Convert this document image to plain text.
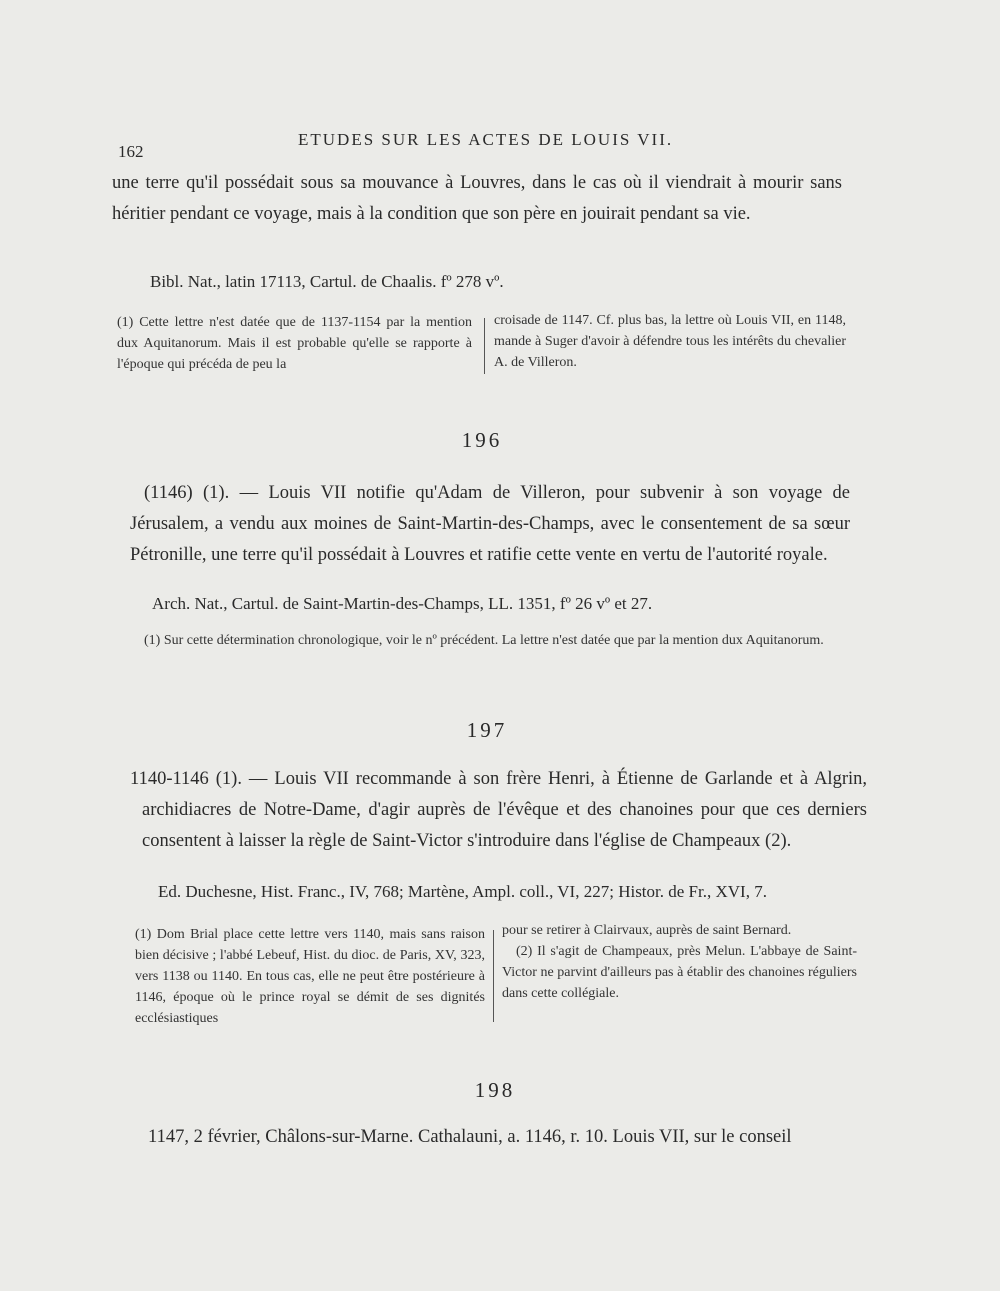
162
ETUDES SUR LES ACTES DE LOUIS VII.
une terre qu'il possédait sous sa mouvance à Louvres, dans le cas où il viendrait à mourir sans héritier pendant ce voyage, mais à la condition que son père en jouirait pendant sa vie.
Bibl. Nat., latin 17113, Cartul. de Chaalis. fº 278 vº.
(1) Cette lettre n'est datée que de 1137-1154 par la mention dux Aquitanorum. Mais il est probable qu'elle se rapporte à l'époque qui précéda de peu la
croisade de 1147. Cf. plus bas, la lettre où Louis VII, en 1148, mande à Suger d'avoir à défendre tous les intérêts du chevalier A. de Villeron.
196
(1146) (1). — Louis VII notifie qu'Adam de Villeron, pour subvenir à son voyage de Jérusalem, a vendu aux moines de Saint-Martin-des-Champs, avec le consentement de sa sœur Pétronille, une terre qu'il possédait à Louvres et ratifie cette vente en vertu de l'autorité royale.
Arch. Nat., Cartul. de Saint-Martin-des-Champs, LL. 1351, fº 26 vº et 27.
(1) Sur cette détermination chronologique, voir le nº précédent. La lettre n'est datée que par la mention dux Aquitanorum.
197
1140-1146 (1). — Louis VII recommande à son frère Henri, à Étienne de Garlande et à Algrin, archidiacres de Notre-Dame, d'agir auprès de l'évêque et des chanoines pour que ces derniers consentent à laisser la règle de Saint-Victor s'introduire dans l'église de Champeaux (2).
Ed. Duchesne, Hist. Franc., IV, 768; Martène, Ampl. coll., VI, 227; Histor. de Fr., XVI, 7.
(1) Dom Brial place cette lettre vers 1140, mais sans raison bien décisive ; l'abbé Lebeuf, Hist. du dioc. de Paris, XV, 323, vers 1138 ou 1140. En tous cas, elle ne peut être postérieure à 1146, époque où le prince royal se démit de ses dignités ecclésiastiques
pour se retirer à Clairvaux, auprès de saint Bernard.
(2) Il s'agit de Champeaux, près Melun. L'abbaye de Saint-Victor ne parvint d'ailleurs pas à établir des chanoines réguliers dans cette collégiale.
198
1147, 2 février, Châlons-sur-Marne. Cathalauni, a. 1146, r. 10. Louis VII, sur le conseil
